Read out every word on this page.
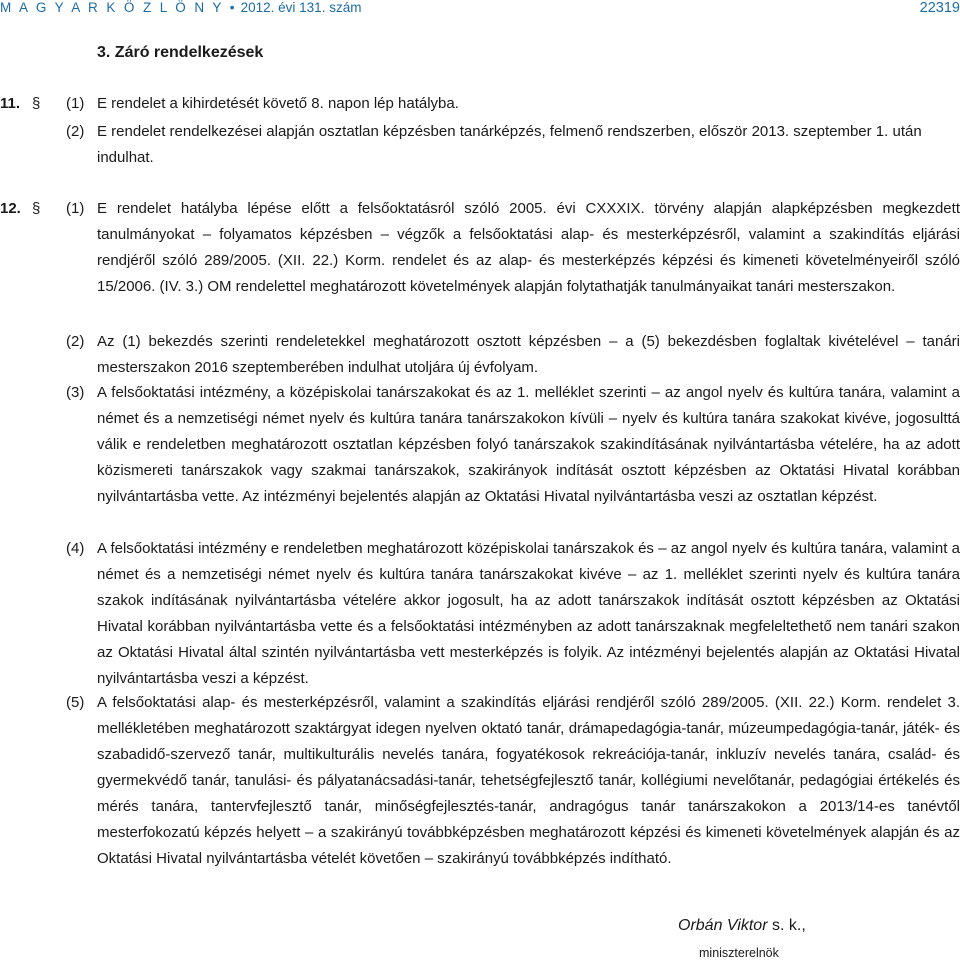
M A G Y A R K Ö Z L Ö N Y • 2012. évi 131. szám	22319
3. Záró rendelkezések
11. § (1) E rendelet a kihirdetését követő 8. napon lép hatályba.
(2) E rendelet rendelkezései alapján osztatlan képzésben tanárképzés, felmenő rendszerben, először 2013. szeptember 1. után indulhat.
12. § (1) E rendelet hatályba lépése előtt a felsőoktatásról szóló 2005. évi CXXXIX. törvény alapján alapképzésben megkezdett tanulmányokat – folyamatos képzésben – végzők a felsőoktatási alap- és mesterképzésről, valamint a szakindítás eljárási rendjéről szóló 289/2005. (XII. 22.) Korm. rendelet és az alap- és mesterképzés képzési és kimeneti követelményeiről szóló 15/2006. (IV. 3.) OM rendelettel meghatározott követelmények alapján folytathatják tanulmányaikat tanári mesterszakon.
(2) Az (1) bekezdés szerinti rendeletekkel meghatározott osztott képzésben – a (5) bekezdésben foglaltak kivételével – tanári mesterszakon 2016 szeptemberében indulhat utoljára új évfolyam.
(3) A felsőoktatási intézmény, a középiskolai tanárszakokat és az 1. melléklet szerinti – az angol nyelv és kultúra tanára, valamint a német és a nemzetiségi német nyelv és kultúra tanára tanárszakokon kívüli – nyelv és kultúra tanára szakokat kivéve, jogosulttá válik e rendeletben meghatározott osztatlan képzésben folyó tanárszakok szakindításának nyilvántartásba vételére, ha az adott közismereti tanárszakok vagy szakmai tanárszakok, szakirányok indítását osztott képzésben az Oktatási Hivatal korábban nyilvántartásba vette. Az intézményi bejelentés alapján az Oktatási Hivatal nyilvántartásba veszi az osztatlan képzést.
(4) A felsőoktatási intézmény e rendeletben meghatározott középiskolai tanárszakok és – az angol nyelv és kultúra tanára, valamint a német és a nemzetiségi német nyelv és kultúra tanára tanárszakokat kivéve – az 1. melléklet szerinti nyelv és kultúra tanára szakok indításának nyilvántartásba vételére akkor jogosult, ha az adott tanárszakok indítását osztott képzésben az Oktatási Hivatal korábban nyilvántartásba vette és a felsőoktatási intézményben az adott tanárszaknak megfeleltethető nem tanári szakon az Oktatási Hivatal által szintén nyilvántartásba vett mesterképzés is folyik. Az intézményi bejelentés alapján az Oktatási Hivatal nyilvántartásba veszi a képzést.
(5) A felsőoktatási alap- és mesterképzésről, valamint a szakindítás eljárási rendjéről szóló 289/2005. (XII. 22.) Korm. rendelet 3. mellékletében meghatározott szaktárgyat idegen nyelven oktató tanár, drámapedagógia-tanár, múzeumpedagógia-tanár, játék- és szabadidő-szervező tanár, multikulturális nevelés tanára, fogyatékosok rekreációja-tanár, inkluzív nevelés tanára, család- és gyermekvédő tanár, tanulási- és pályatanácsadási-tanár, tehetségfejlesztő tanár, kollégiumi nevelőtanár, pedagógiai értékelés és mérés tanára, tantervfejlesztő tanár, minőségfejlesztés-tanár, andragógus tanár tanárszakokon a 2013/14-es tanévtől mesterfokozatú képzés helyett – a szakirányú továbbképzésben meghatározott képzési és kimeneti követelmények alapján és az Oktatási Hivatal nyilvántartásba vételét követően – szakirányú továbbképzés indítható.
Orbán Viktor s. k.,
miniszterelnök
